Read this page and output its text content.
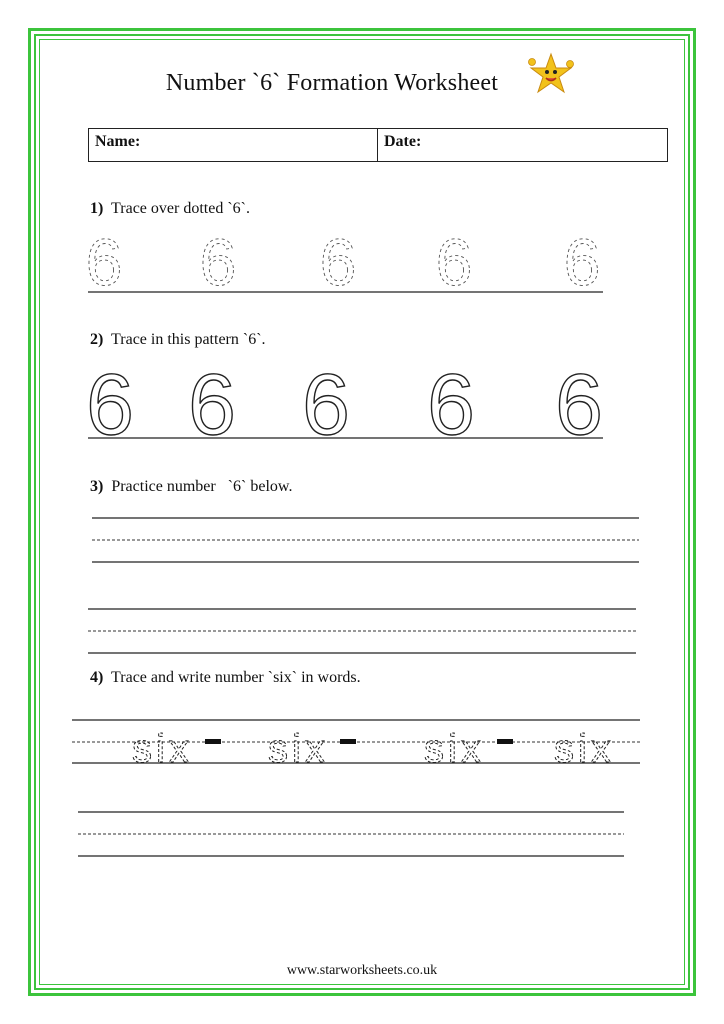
Number `6` Formation Worksheet
Name:	Date:
1) Trace over dotted `6`.
2) Trace in this pattern `6`.
3) Practice number   `6` below.
4) Trace and write number `six` in words.
6 6 6 6 6
6 6 6 6 6
six six six six
www.starworksheets.co.uk
